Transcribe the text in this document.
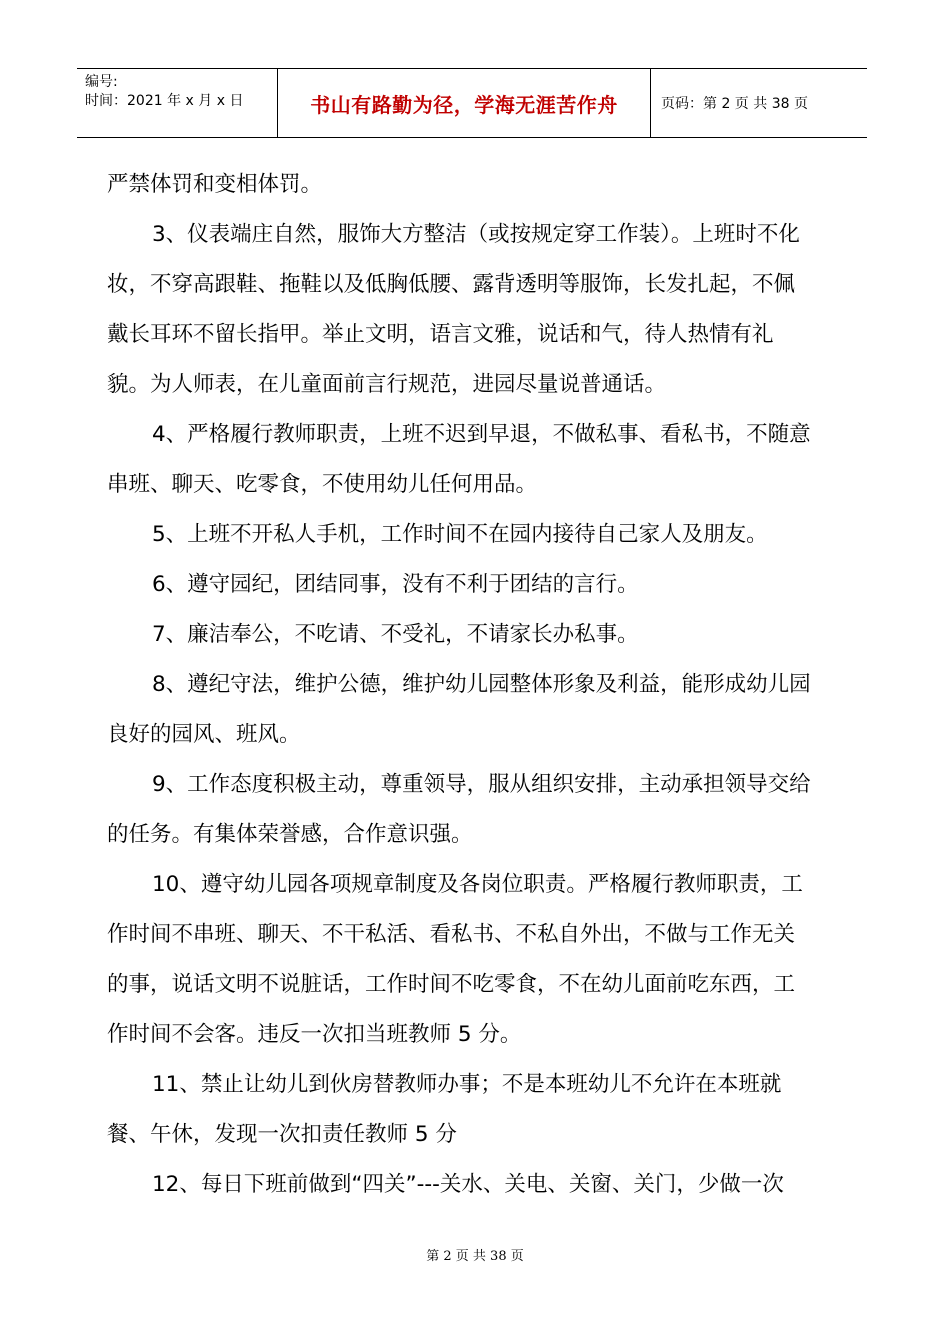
编号:
时间：2021 年 x 月 x 日	书山有路勤为径，学海无涯苦作舟	页码：第 2 页 共 38 页
严禁体罚和变相体罚。
3、仪表端庄自然，服饰大方整洁（或按规定穿工作装）。上班时不化
妆，不穿高跟鞋、拖鞋以及低胸低腰、露背透明等服饰，长发扎起，不佩
戴长耳环不留长指甲。举止文明，语言文雅，说话和气，待人热情有礼
貌。为人师表，在儿童面前言行规范，进园尽量说普通话。
4、严格履行教师职责，上班不迟到早退，不做私事、看私书，不随意
串班、聊天、吃零食，不使用幼儿任何用品。
5、上班不开私人手机，工作时间不在园内接待自己家人及朋友。
6、遵守园纪，团结同事，没有不利于团结的言行。
7、廉洁奉公，不吃请、不受礼，不请家长办私事。
8、遵纪守法，维护公德，维护幼儿园整体形象及利益，能形成幼儿园
良好的园风、班风。
9、工作态度积极主动，尊重领导，服从组织安排，主动承担领导交给
的任务。有集体荣誉感，合作意识强。
10、遵守幼儿园各项规章制度及各岗位职责。严格履行教师职责，工
作时间不串班、聊天、不干私活、看私书、不私自外出，不做与工作无关
的事，说话文明不说脏话，工作时间不吃零食，不在幼儿面前吃东西，工
作时间不会客。违反一次扣当班教师 5 分。
11、禁止让幼儿到伙房替教师办事；不是本班幼儿不允许在本班就
餐、午休，发现一次扣责任教师 5 分
12、每日下班前做到“四关”---关水、关电、关窗、关门，少做一次
第 2 页 共 38 页
